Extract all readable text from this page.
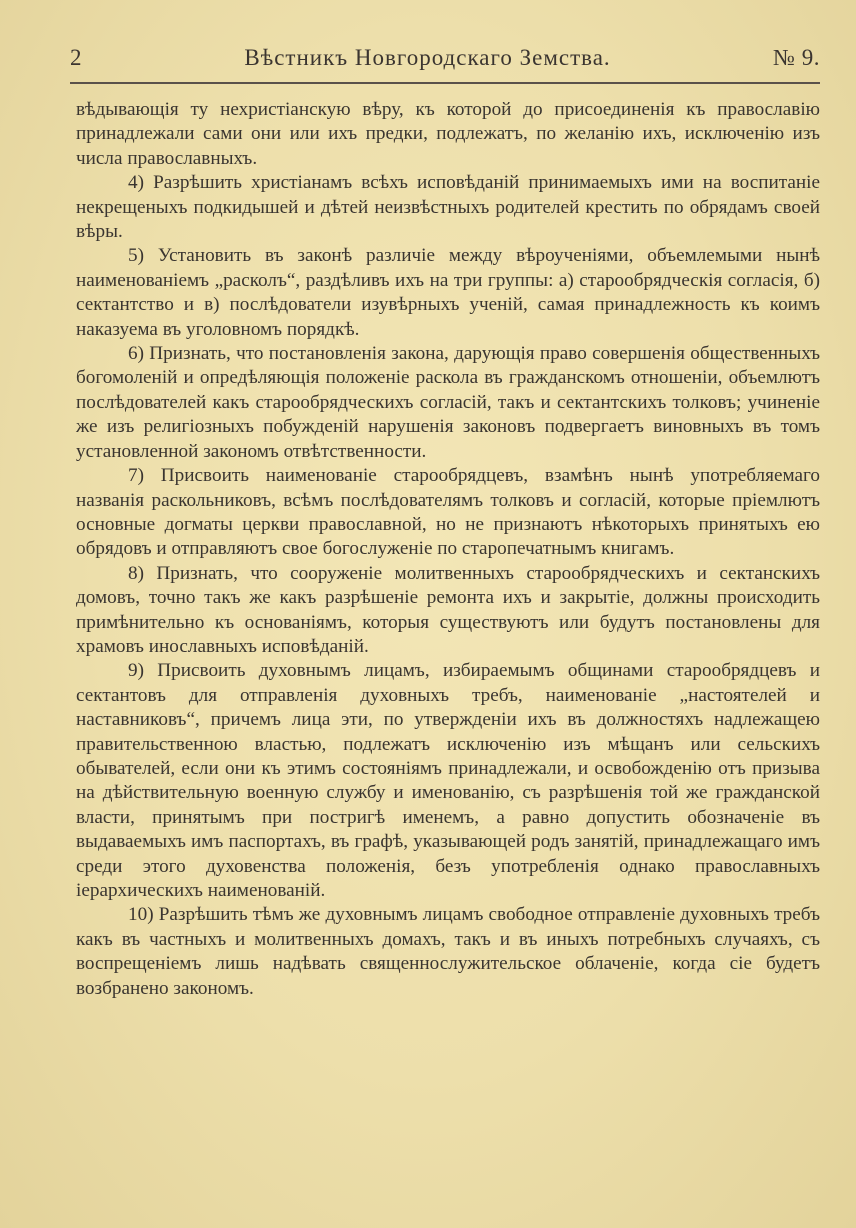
2	Вѣстникъ Новгородскаго Земства.	№ 9.

вѣдывающія ту нехристіанскую вѣру, къ которой до присоединенія къ православію принадлежали сами они или ихъ предки, подлежатъ, по желанію ихъ, исключенію изъ числа православныхъ.

4) Разрѣшить христіанамъ всѣхъ исповѣданій принимаемыхъ ими на воспитаніе некрещеныхъ подкидышей и дѣтей неизвѣстныхъ родителей крестить по обрядамъ своей вѣры.

5) Установить въ законѣ различіе между вѣроученіями, объемлемыми нынѣ наименованіемъ „расколъ“, раздѣливъ ихъ на три группы: а) старообрядческія согласія, б) сектантство и в) послѣдователи изувѣрныхъ ученій, самая принадлежность къ коимъ наказуема въ уголовномъ порядкѣ.

6) Признать, что постановленія закона, дарующія право совершенія общественныхъ богомоленій и опредѣляющія положеніе раскола въ гражданскомъ отношеніи, объемлютъ послѣдователей какъ старообрядческихъ согласій, такъ и сектантскихъ толковъ; учиненіе же изъ религіозныхъ побужденій нарушенія законовъ подвергаетъ виновныхъ въ томъ установленной закономъ отвѣтственности.

7) Присвоить наименованіе старообрядцевъ, взамѣнъ нынѣ употребляемаго названія раскольниковъ, всѣмъ послѣдователямъ толковъ и согласій, которые пріемлютъ основные догматы церкви православной, но не признаютъ нѣкоторыхъ принятыхъ ею обрядовъ и отправляютъ свое богослуженіе по старопечатнымъ книгамъ.

8) Признать, что сооруженіе молитвенныхъ старообрядческихъ и сектанскихъ домовъ, точно такъ же какъ разрѣшеніе ремонта ихъ и закрытіе, должны происходить примѣнительно къ основаніямъ, которыя существуютъ или будутъ постановлены для храмовъ инославныхъ исповѣданій.

9) Присвоить духовнымъ лицамъ, избираемымъ общинами старообрядцевъ и сектантовъ для отправленія духовныхъ требъ, наименованіе „настоятелей и наставниковъ“, причемъ лица эти, по утвержденіи ихъ въ должностяхъ надлежащею правительственною властью, подлежатъ исключенію изъ мѣщанъ или сельскихъ обывателей, если они къ этимъ состояніямъ принадлежали, и освобожденію отъ призыва на дѣйствительную военную службу и именованію, съ разрѣшенія той же гражданской власти, принятымъ при постригѣ именемъ, а равно допустить обозначеніе въ выдаваемыхъ имъ паспортахъ, въ графѣ, указывающей родъ занятій, принадлежащаго имъ среди этого духовенства положенія, безъ употребленія однако православныхъ іерархическихъ наименованій.

10) Разрѣшить тѣмъ же духовнымъ лицамъ свободное отправленіе духовныхъ требъ какъ въ частныхъ и молитвенныхъ домахъ, такъ и въ иныхъ потребныхъ случаяхъ, съ воспрещеніемъ лишь надѣвать священнослужительское облаченіе, когда сіе будетъ возбранено закономъ.
